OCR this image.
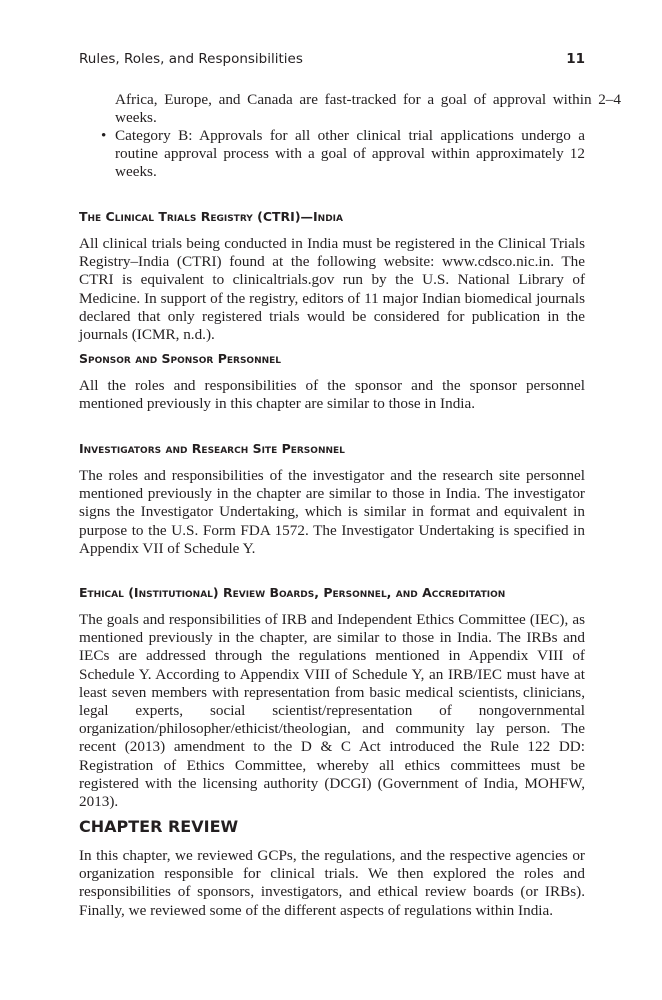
Rules, Roles, and Responsibilities	11

Africa, Europe, and Canada are fast-tracked for a goal of approval within 2–4 weeks.

• Category B: Approvals for all other clinical trial applications undergo a routine approval process with a goal of approval within approximately 12 weeks.

The Clinical Trials Registry (CTRI)—India

All clinical trials being conducted in India must be registered in the Clinical Trials Registry–India (CTRI) found at the following website: www.cdsco.nic.in. The CTRI is equivalent to clinicaltrials.gov run by the U.S. National Library of Medicine. In support of the registry, editors of 11 major Indian biomedical journals declared that only registered trials would be considered for publication in the journals (ICMR, n.d.).

Sponsor and Sponsor Personnel

All the roles and responsibilities of the sponsor and the sponsor personnel mentioned previously in this chapter are similar to those in India.

Investigators and Research Site Personnel

The roles and responsibilities of the investigator and the research site personnel mentioned previously in the chapter are similar to those in India. The investigator signs the Investigator Undertaking, which is similar in format and equivalent in purpose to the U.S. Form FDA 1572. The Investigator Undertaking is specified in Appendix VII of Schedule Y.

Ethical (Institutional) Review Boards, Personnel, and Accreditation

The goals and responsibilities of IRB and Independent Ethics Committee (IEC), as mentioned previously in the chapter, are similar to those in India. The IRBs and IECs are addressed through the regulations mentioned in Appendix VIII of Schedule Y. According to Appendix VIII of Schedule Y, an IRB/IEC must have at least seven members with representation from basic medical scientists, clinicians, legal experts, social scientist/representation of nongovernmental organization/philosopher/ethicist/theologian, and community lay person. The recent (2013) amendment to the D & C Act introduced the Rule 122 DD: Registration of Ethics Committee, whereby all ethics committees must be registered with the licensing authority (DCGI) (Government of India, MOHFW, 2013).

CHAPTER REVIEW

In this chapter, we reviewed GCPs, the regulations, and the respective agencies or organization responsible for clinical trials. We then explored the roles and responsibilities of sponsors, investigators, and ethical review boards (or IRBs). Finally, we reviewed some of the different aspects of regulations within India.
